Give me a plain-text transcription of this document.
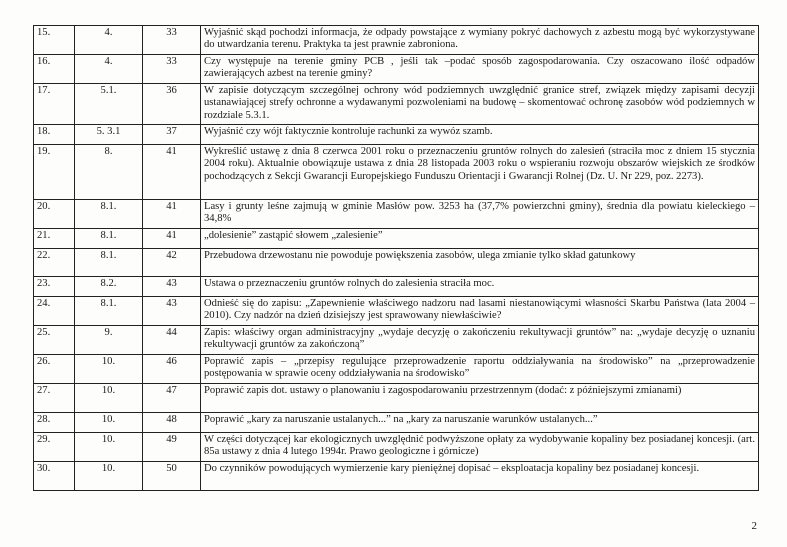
15.	4.	33	Wyjaśnić skąd pochodzi informacja, że odpady powstające z wymiany pokryć dachowych z azbestu mogą być wykorzystywane do utwardzania terenu. Praktyka ta jest prawnie zabroniona.
16.	4.	33	Czy występuje na terenie gminy PCB , jeśli tak –podać sposób zagospodarowania. Czy oszacowano ilość odpadów zawierających azbest na terenie gminy?
17.	5.1.	36	W zapisie dotyczącym szczególnej ochrony wód podziemnych uwzględnić granice stref, związek między zapisami decyzji ustanawiającej strefy ochronne a wydawanymi pozwoleniami na budowę – skomentować ochronę zasobów wód podziemnych w rozdziale 5.3.1.
18.	5. 3.1	37	Wyjaśnić czy wójt faktycznie kontroluje rachunki za wywóz szamb.
19.	8.	41	Wykreślić ustawę z dnia 8 czerwca 2001 roku o przeznaczeniu gruntów rolnych do zalesień (straciła moc z dniem 15 stycznia 2004 roku). Aktualnie obowiązuje ustawa z dnia 28 listopada 2003 roku o wspieraniu rozwoju obszarów wiejskich ze środków pochodzących z Sekcji Gwarancji Europejskiego Funduszu Orientacji i Gwarancji Rolnej (Dz. U. Nr 229, poz. 2273).
20.	8.1.	41	Lasy i grunty leśne zajmują w gminie Masłów pow. 3253 ha (37,7% powierzchni gminy), średnia dla powiatu kieleckiego – 34,8%
21.	8.1.	41	„dolesienie” zastąpić słowem „zalesienie”
22.	8.1.	42	Przebudowa drzewostanu nie powoduje powiększenia zasobów, ulega zmianie tylko skład gatunkowy
23.	8.2.	43	Ustawa o przeznaczeniu gruntów rolnych do zalesienia straciła moc.
24.	8.1.	43	Odnieść się do zapisu: „Zapewnienie właściwego nadzoru nad lasami niestanowiącymi własności Skarbu Państwa (lata 2004 – 2010). Czy nadzór na dzień dzisiejszy jest sprawowany niewłaściwie?
25.	9.	44	Zapis: właściwy organ administracyjny „wydaje decyzję o zakończeniu rekultywacji gruntów” na: „wydaje decyzję o uznaniu rekultywacji gruntów za zakończoną”
26.	10.	46	Poprawić zapis – „przepisy regulujące przeprowadzenie raportu oddziaływania na środowisko” na „przeprowadzenie postępowania w sprawie oceny oddziaływania na środowisko”
27.	10.	47	Poprawić zapis dot. ustawy o planowaniu i zagospodarowaniu przestrzennym (dodać: z późniejszymi zmianami)
28.	10.	48	Poprawić „kary za naruszanie ustalanych...” na „kary za naruszanie warunków ustalanych...”
29.	10.	49	W części dotyczącej kar ekologicznych uwzględnić podwyższone opłaty za wydobywanie kopaliny bez posiadanej koncesji. (art. 85a ustawy z dnia 4 lutego 1994r. Prawo geologiczne i górnicze)
30.	10.	50	Do czynników powodujących wymierzenie kary pieniężnej dopisać – eksploatacja kopaliny bez posiadanej koncesji.
2
